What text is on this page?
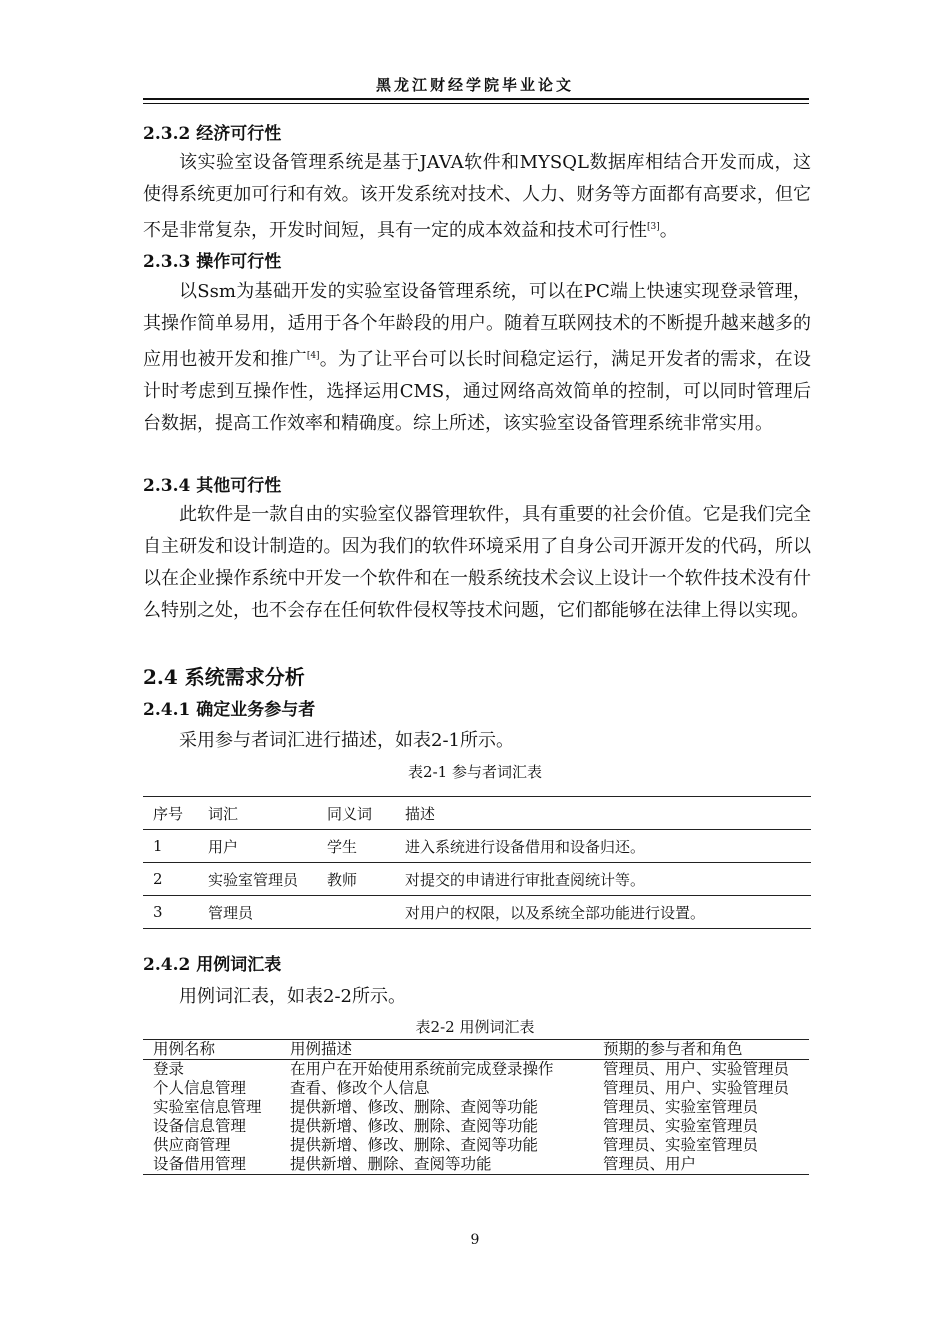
黑龙江财经学院毕业论文
2.3.2 经济可行性
该实验室设备管理系统是基于JAVA软件和MYSQL数据库相结合开发而成，这使得系统更加可行和有效。该开发系统对技术、人力、财务等方面都有高要求，但它不是非常复杂，开发时间短，具有一定的成本效益和技术可行性[3]。
2.3.3 操作可行性
以Ssm为基础开发的实验室设备管理系统，可以在PC端上快速实现登录管理，其操作简单易用，适用于各个年龄段的用户。随着互联网技术的不断提升越来越多的应用也被开发和推广[4]。为了让平台可以长时间稳定运行，满足开发者的需求，在设计时考虑到互操作性，选择运用CMS，通过网络高效简单的控制，可以同时管理后台数据，提高工作效率和精确度。综上所述，该实验室设备管理系统非常实用。
2.3.4 其他可行性
此软件是一款自由的实验室仪器管理软件，具有重要的社会价值。它是我们完全自主研发和设计制造的。因为我们的软件环境采用了自身公司开源开发的代码，所以以在企业操作系统中开发一个软件和在一般系统技术会议上设计一个软件技术没有什么特别之处，也不会存在任何软件侵权等技术问题，它们都能够在法律上得以实现。
2.4 系统需求分析
2.4.1 确定业务参与者
采用参与者词汇进行描述，如表2-1所示。
表2-1 参与者词汇表
序号	词汇	同义词	描述
1	用户	学生	进入系统进行设备借用和设备归还。
2	实验室管理员	教师	对提交的申请进行审批查阅统计等。
3	管理员		对用户的权限，以及系统全部功能进行设置。
2.4.2 用例词汇表
用例词汇表，如表2-2所示。
表2-2 用例词汇表
用例名称	用例描述	预期的参与者和角色
登录	在用户在开始使用系统前完成登录操作	管理员、用户、实验管理员
个人信息管理	查看、修改个人信息	管理员、用户、实验管理员
实验室信息管理	提供新增、修改、删除、查阅等功能	管理员、实验室管理员
设备信息管理	提供新增、修改、删除、查阅等功能	管理员、实验室管理员
供应商管理	提供新增、修改、删除、查阅等功能	管理员、实验室管理员
设备借用管理	提供新增、删除、查阅等功能	管理员、用户
9
